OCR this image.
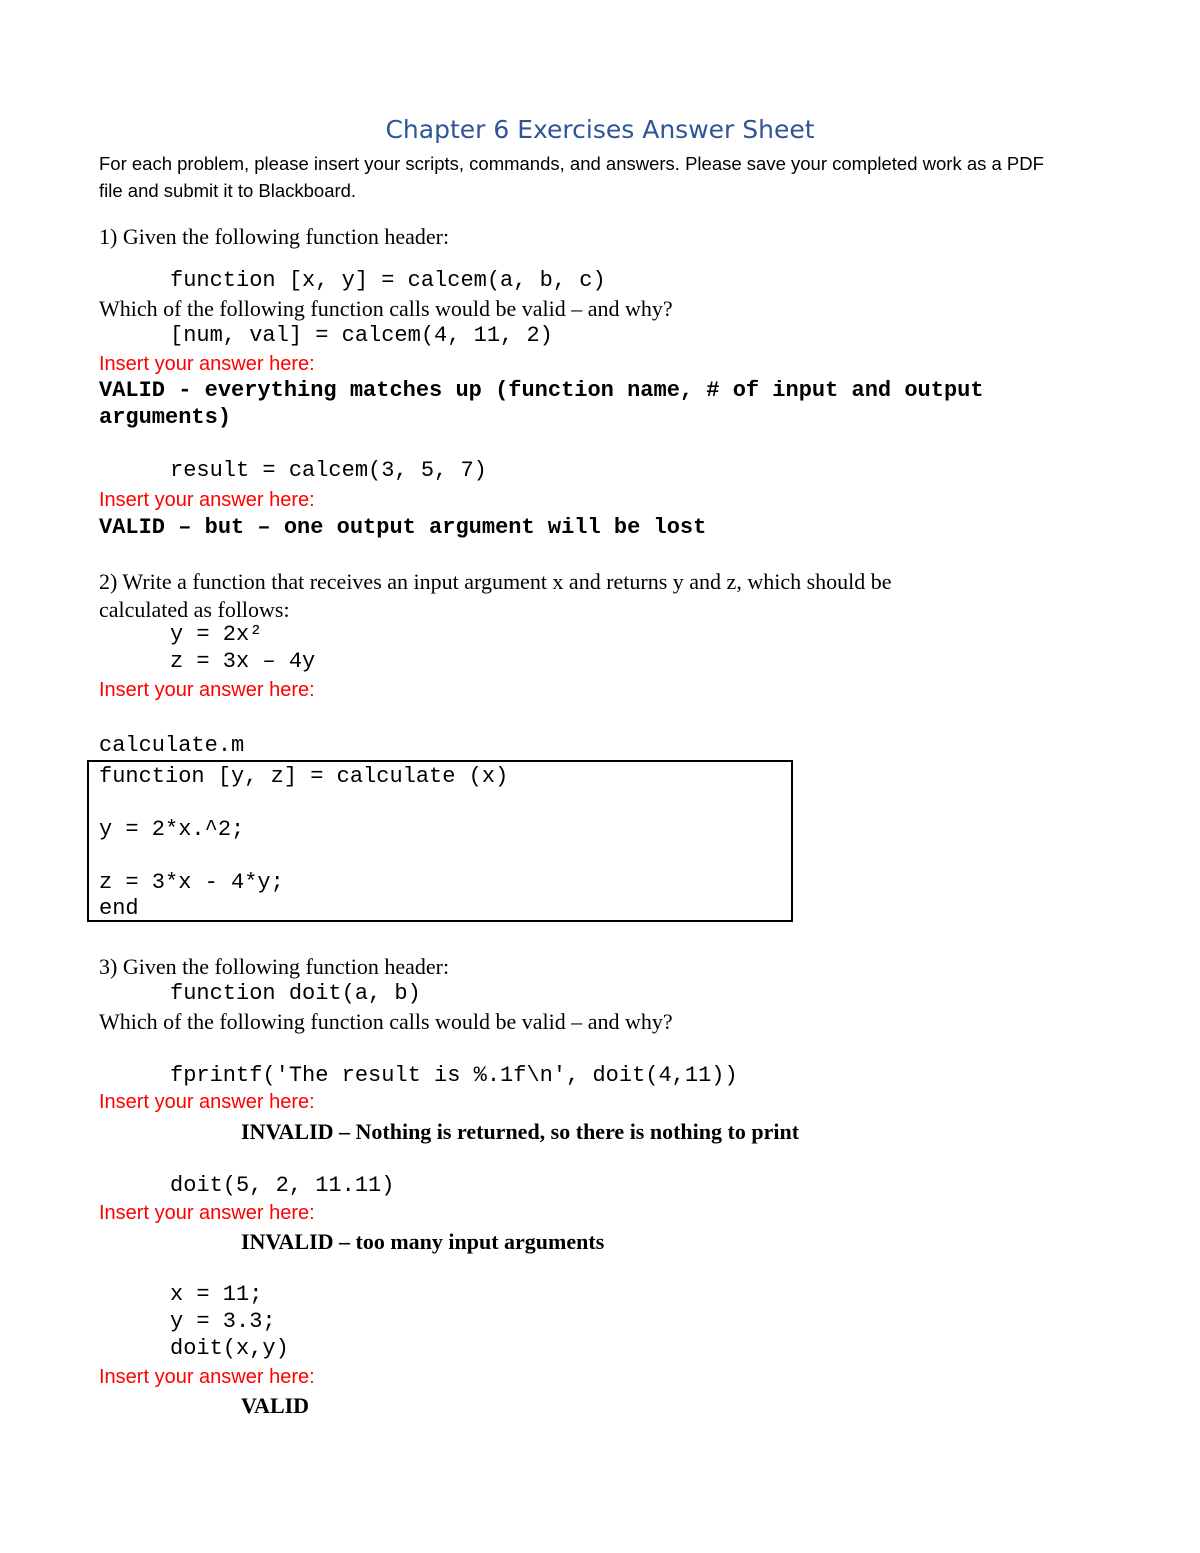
Chapter 6 Exercises Answer Sheet
For each problem, please insert your scripts, commands, and answers. Please save your completed work as a PDF
file and submit it to Blackboard.
1) Given the following function header:
function [x, y] = calcem(a, b, c)
Which of the following function calls would be valid – and why?
[num, val] = calcem(4, 11, 2)
Insert your answer here:
VALID - everything matches up (function name, # of input and output
arguments)
result = calcem(3, 5, 7)
Insert your answer here:
VALID – but – one output argument will be lost
2) Write a function that receives an input argument x and returns y and z, which should be
calculated as follows:
y = 2x²
z = 3x – 4y
Insert your answer here:
calculate.m
function [y, z] = calculate (x)
y = 2*x.^2;
z = 3*x - 4*y;
end
3) Given the following function header:
function doit(a, b)
Which of the following function calls would be valid – and why?
fprintf('The result is %.1f\n', doit(4,11))
Insert your answer here:
INVALID – Nothing is returned, so there is nothing to print
doit(5, 2, 11.11)
Insert your answer here:
INVALID – too many input arguments
x = 11;
y = 3.3;
doit(x,y)
Insert your answer here:
VALID
